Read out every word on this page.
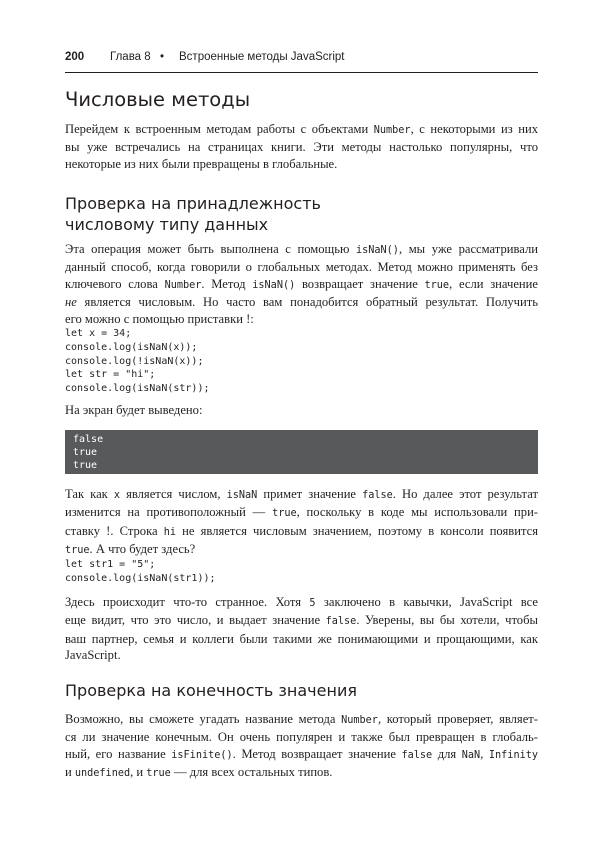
200 Глава 8 • Встроенные методы JavaScript
Числовые методы
Перейдем к встроенным методам работы с объектами Number, с некоторыми из них
вы уже встречались на страницах книги. Эти методы настолько популярны, что
некоторые из них были превращены в глобальные.
Проверка на принадлежность
числовому типу данных
Эта операция может быть выполнена с помощью isNaN(), мы уже рассматривали
данный способ, когда говорили о глобальных методах. Метод можно применять без
ключевого слова Number. Метод isNaN() возвращает значение true, если значение
не является числовым. Но часто вам понадобится обратный результат. Получить
его можно с помощью приставки !:
let x = 34;
console.log(isNaN(x));
console.log(!isNaN(x));
let str = "hi";
console.log(isNaN(str));
На экран будет выведено:
false
true
true
Так как x является числом, isNaN примет значение false. Но далее этот результат
изменится на противоположный — true, поскольку в коде мы использовали при-
ставку !. Строка hi не является числовым значением, поэтому в консоли появится
true. А что будет здесь?
let str1 = "5";
console.log(isNaN(str1));
Здесь происходит что-то странное. Хотя 5 заключено в кавычки, JavaScript все
еще видит, что это число, и выдает значение false. Уверены, вы бы хотели, чтобы
ваш партнер, семья и коллеги были такими же понимающими и прощающими, как
JavaScript.
Проверка на конечность значения
Возможно, вы сможете угадать название метода Number, который проверяет, являет-
ся ли значение конечным. Он очень популярен и также был превращен в глобаль-
ный, его название isFinite(). Метод возвращает значение false для NaN, Infinity
и undefined, и true — для всех остальных типов.
